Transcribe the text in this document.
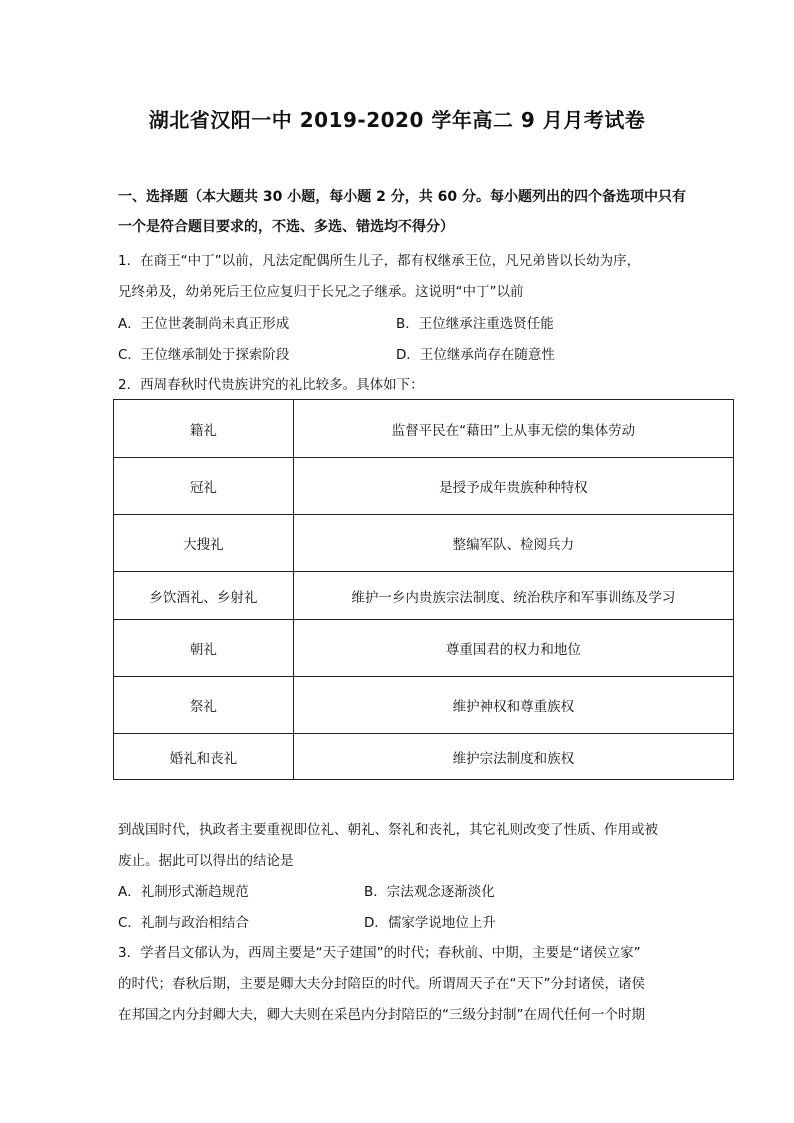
湖北省汉阳一中 2019-2020 学年高二 9 月月考试卷
一、选择题（本大题共 30 小题，每小题 2 分，共 60 分。每小题列出的四个备选项中只有
一个是符合题目要求的，不选、多选、错选均不得分）
1．在商王“中丁”以前，凡法定配偶所生儿子，都有权继承王位，凡兄弟皆以长幼为序，
兄终弟及，幼弟死后王位应复归于长兄之子继承。这说明“中丁”以前
A．王位世袭制尚未真正形成	B．王位继承注重选贤任能
C．王位继承制处于探索阶段	D．王位继承尚存在随意性
2．西周春秋时代贵族讲究的礼比较多。具体如下：
籍礼	监督平民在“藉田”上从事无偿的集体劳动
冠礼	是授予成年贵族种种特权
大搜礼	整编军队、检阅兵力
乡饮酒礼、乡射礼	维护一乡内贵族宗法制度、统治秩序和军事训练及学习
朝礼	尊重国君的权力和地位
祭礼	维护神权和尊重族权
婚礼和丧礼	维护宗法制度和族权
到战国时代，执政者主要重视即位礼、朝礼、祭礼和丧礼，其它礼则改变了性质、作用或被
废止。据此可以得出的结论是
A．礼制形式渐趋规范	B．宗法观念逐渐淡化
C．礼制与政治相结合	D．儒家学说地位上升
3．学者吕文郁认为，西周主要是“天子建国”的时代；春秋前、中期，主要是“诸侯立家”
的时代；春秋后期，主要是卿大夫分封陪臣的时代。所谓周天子在“天下”分封诸侯，诸侯
在邦国之内分封卿大夫，卿大夫则在采邑内分封陪臣的“三级分封制”在周代任何一个时期
